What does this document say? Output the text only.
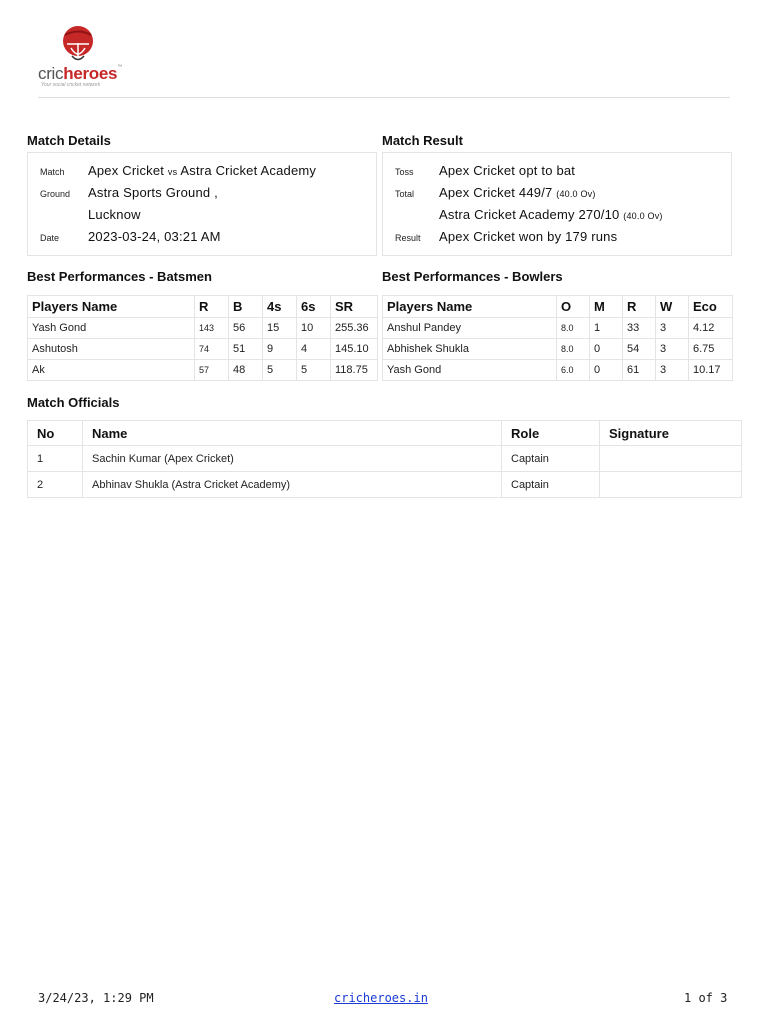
cricheroes™
Your social cricket network
Match Details
Match Apex Cricket vs Astra Cricket Academy
Ground Astra Sports Ground ,
Lucknow
Date 2023-03-24, 03:21 AM
Match Result
Toss Apex Cricket opt to bat
Total Apex Cricket 449/7 (40.0 Ov)
Astra Cricket Academy 270/10 (40.0 Ov)
Result Apex Cricket won by 179 runs
Best Performances - Batsmen
Players Name	R	B	4s	6s	SR
Yash Gond	143	56	15	10	255.36
Ashutosh	74	51	9	4	145.10
Ak	57	48	5	5	118.75
Best Performances - Bowlers
Players Name	O	M	R	W	Eco
Anshul Pandey	8.0	1	33	3	4.12
Abhishek Shukla	8.0	0	54	3	6.75
Yash Gond	6.0	0	61	3	10.17
Match Officials
No	Name	Role	Signature
1	Sachin Kumar (Apex Cricket)	Captain	
2	Abhinav Shukla (Astra Cricket Academy)	Captain	
3/24/23, 1:29 PM	cricheroes.in	1 of 3
